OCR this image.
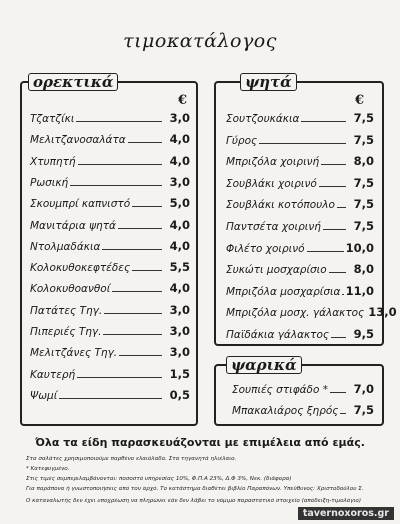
τιμοκατάλογος
ορεκτικά
€
Τζατζίκι	3,0
Μελιτζανοσαλάτα	4,0
Χτυπητή	4,0
Ρωσική	3,0
Σκουμπρί καπνιστό	5,0
Μανιτάρια ψητά	4,0
Ντολμαδάκια	4,0
Κολοκυθοκεφτέδες	5,5
Κολοκυθοανθοί	4,0
Πατάτες Τηγ.	3,0
Πιπεριές Τηγ.	3,0
Μελιτζάνες Τηγ.	3,0
Καυτερή	1,5
Ψωμί	0,5
ψητά
€
Σουτζουκάκια	7,5
Γύρος	7,5
Μπριζόλα χοιρινή	8,0
Σουβλάκι χοιρινό	7,5
Σουβλάκι κοτόπουλο	7,5
Παντσέτα χοιρινή	7,5
Φιλέτο χοιρινό	10,0
Συκώτι μοσχαρίσιο	8,0
Μπριζόλα μοσχαρίσια 11,0
Μπριζόλα μοσχ. γάλακτος 13,0
Παϊδάκια γάλακτος	9,5
ψαρικά
Σουπιές στιφάδο *	7,0
Μπακαλιάρος ξηρός	7,5
Όλα τα είδη παρασκευάζονται με επιμέλεια από εμάς.
Στα σαλάτες χρησιμοποιούμε παρθένο ελαιόλαδο. Στα τηγανητά ηλιέλαιο.
* Κατεψυγμένο.
Στις τιμές συμπεριλαμβάνονται: ποσοστό υπηρεσίας 10%, Φ.Π.Α 23%, Δ.Φ 3%, Νεκ. (διάφορα)
Για παράπονα ή γνωστοποιήσεις από τον αρχό. Το κατάστημα διαθέτει βιβλίο Παραπόνων. Υπεύθυνος: Χριστοδούλου Σ.
Ο καταναλωτής δεν έχει υποχρέωση να πληρώνει εάν δεν λάβει το νόμιμο παραστατικό στοιχείο (απόδειξη-τιμολόγιο)
tavernoxoros.gr
